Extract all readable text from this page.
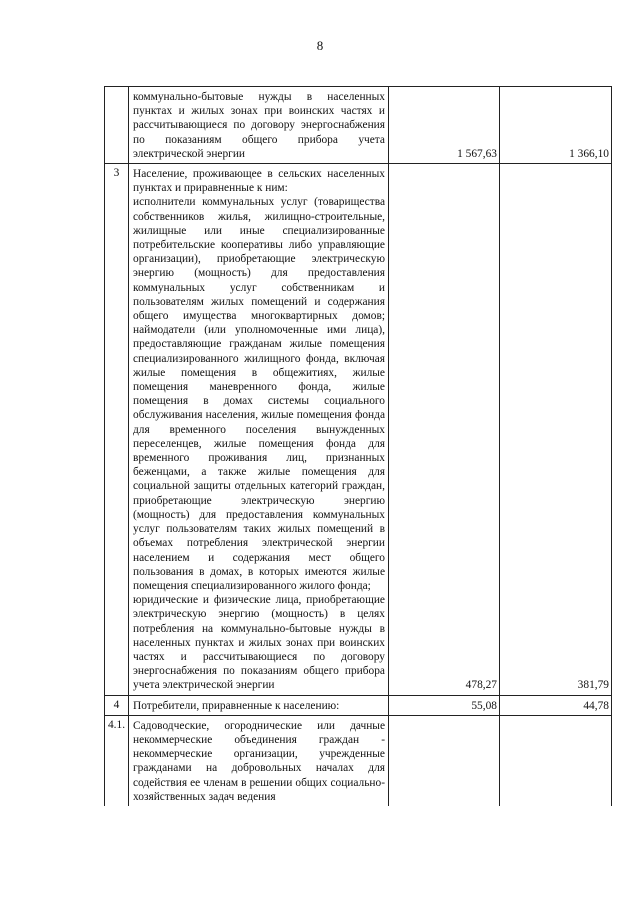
8

	коммунально-бытовые нужды в населенных пунктах и жилых зонах при воинских частях и рассчитывающиеся по договору энергоснабжения по показаниям общего прибора учета электрической энергии	1 567,63	1 366,10
3	Население, проживающее в сельских населенных пунктах и приравненные к ним:
исполнители коммунальных услуг (товарищества собственников жилья, жилищно-строительные, жилищные или иные специализированные потребительские кооперативы либо управляющие организации), приобретающие электрическую энергию (мощность) для предоставления коммунальных услуг собственникам и пользователям жилых помещений и содержания общего имущества многоквартирных домов; наймодатели (или уполномоченные ими лица), предоставляющие гражданам жилые помещения специализированного жилищного фонда, включая жилые помещения в общежитиях, жилые помещения маневренного фонда, жилые помещения в домах системы социального обслуживания населения, жилые помещения фонда для временного поселения вынужденных переселенцев, жилые помещения фонда для временного проживания лиц, признанных беженцами, а также жилые помещения для социальной защиты отдельных категорий граждан, приобретающие электрическую энергию (мощность) для предоставления коммунальных услуг пользователям таких жилых помещений в объемах потребления электрической энергии населением и содержания мест общего пользования в домах, в которых имеются жилые помещения специализированного жилого фонда;
юридические и физические лица, приобретающие электрическую энергию (мощность) в целях потребления на коммунально-бытовые нужды в населенных пунктах и жилых зонах при воинских частях и рассчитывающиеся по договору энергоснабжения по показаниям общего прибора учета электрической энергии	478,27	381,79
4	Потребители, приравненные к населению:	55,08	44,78
4.1.	Садоводческие, огороднические или дачные некоммерческие объединения граждан - некоммерческие организации, учрежденные гражданами на добровольных началах для содействия ее членам в решении общих социально-хозяйственных задач ведения		
